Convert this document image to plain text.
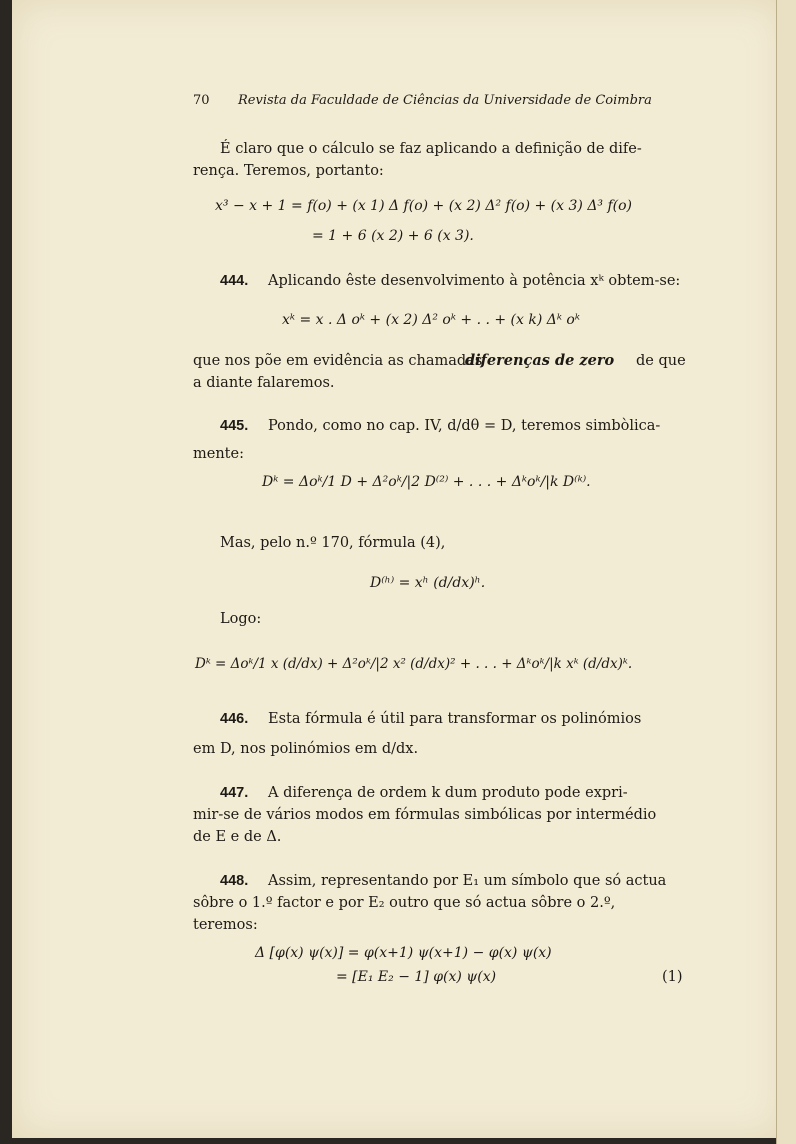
70 Revista da Faculdade de Ciências da Universidade de Coimbra
É claro que o cálculo se faz aplicando a definição de dife-
rença. Teremos, portanto:
x³ − x + 1 = f(o) + (x 1) Δ f(o) + (x 2) Δ² f(o) + (x 3) Δ³ f(o)
= 1 + 6 (x 2) + 6 (x 3).
444. Aplicando êste desenvolvimento à potência xᵏ obtem-se:
xᵏ = x . Δ oᵏ + (x 2) Δ² oᵏ + . . + (x k) Δᵏ oᵏ
que nos põe em evidência as chamadas
diferenças de zero de que
a diante falaremos.
445. Pondo, como no cap. IV, d/dθ = D, teremos simbòlica-
mente:
Dᵏ = Δoᵏ/1 D + Δ²oᵏ/|2 D⁽²⁾ + . . . + Δᵏoᵏ/|k D⁽ᵏ⁾.
Mas, pelo n.º 170, fórmula (4),
D⁽ʰ⁾ = xʰ (d/dx)ʰ.
Logo:
Dᵏ = Δoᵏ/1 x (d/dx) + Δ²oᵏ/|2 x² (d/dx)² + . . . + Δᵏoᵏ/|k xᵏ (d/dx)ᵏ.
446. Esta fórmula é útil para transformar os polinómios
em D, nos polinómios em d/dx.
447. A diferença de ordem k dum produto pode expri-
mir-se de vários modos em fórmulas simbólicas por intermédio
de E e de Δ.
448. Assim, representando por E₁ um símbolo que só actua
sôbre o 1.º factor e por E₂ outro que só actua sôbre o 2.º,
teremos:
Δ [φ(x) ψ(x)] = φ(x+1) ψ(x+1) − φ(x) ψ(x)
= [E₁ E₂ − 1] φ(x) ψ(x)	(1)
